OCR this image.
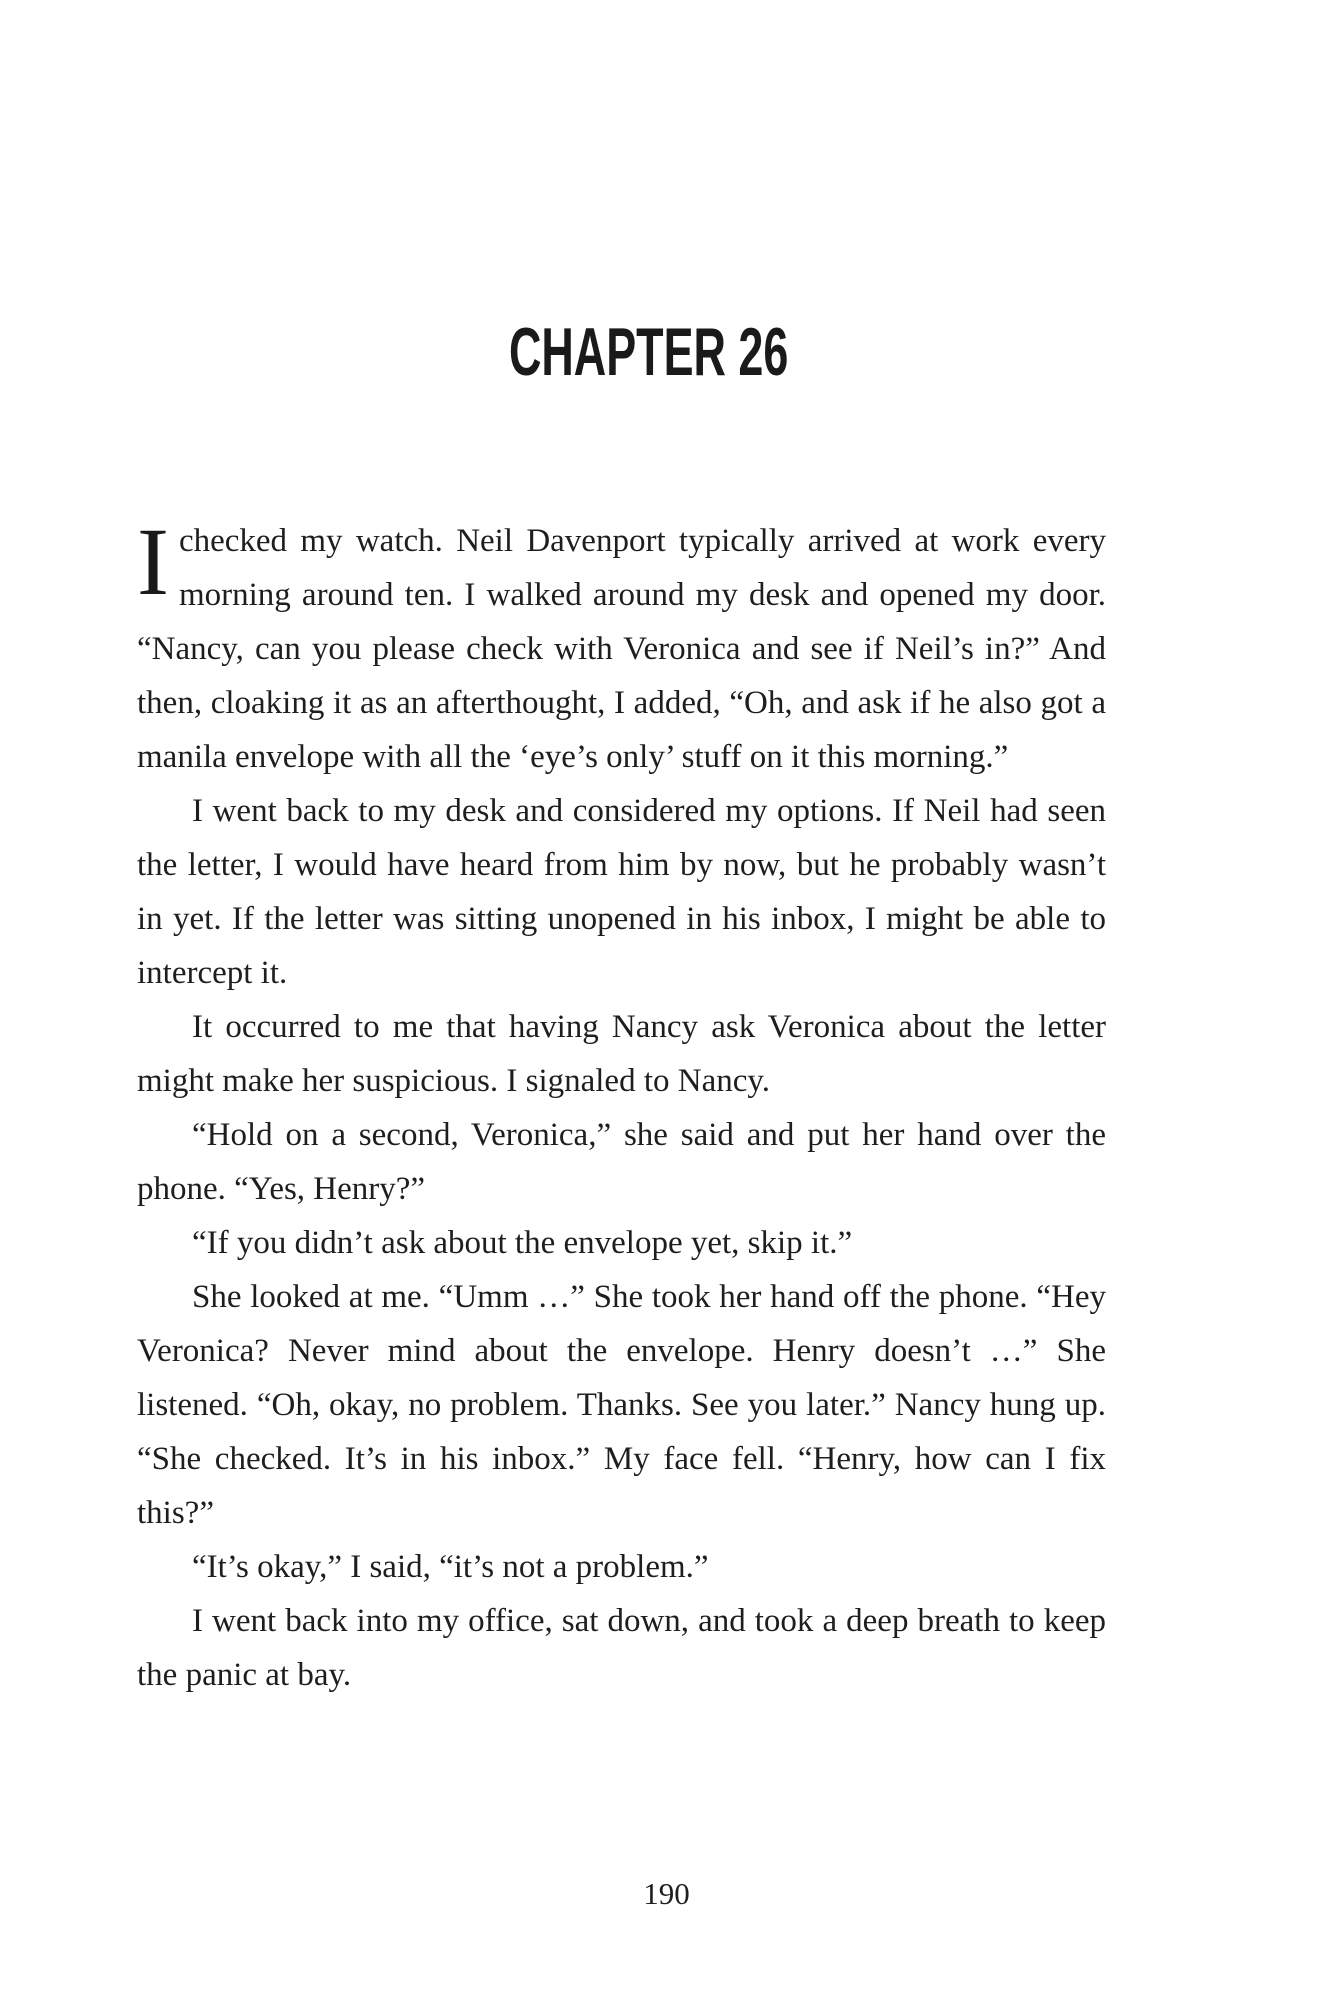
CHAPTER 26

Ichecked my watch. Neil Davenport typically arrived at work every morning around ten. I walked around my desk and opened my door. “Nancy, can you please check with Veronica and see if Neil’s in?” And then, cloaking it as an afterthought, I added, “Oh, and ask if he also got a manila envelope with all the ‘eye’s only’ stuff on it this morning.”

I went back to my desk and considered my options. If Neil had seen the letter, I would have heard from him by now, but he probably wasn’t in yet. If the letter was sitting unopened in his inbox, I might be able to intercept it.

It occurred to me that having Nancy ask Veronica about the letter might make her suspicious. I signaled to Nancy.

“Hold on a second, Veronica,” she said and put her hand over the phone. “Yes, Henry?”

“If you didn’t ask about the envelope yet, skip it.”

She looked at me. “Umm …” She took her hand off the phone. “Hey Veronica? Never mind about the envelope. Henry doesn’t …” She listened. “Oh, okay, no problem. Thanks. See you later.” Nancy hung up. “She checked. It’s in his inbox.” My face fell. “Henry, how can I fix this?”

“It’s okay,” I said, “it’s not a problem.”

I went back into my office, sat down, and took a deep breath to keep the panic at bay.

190
